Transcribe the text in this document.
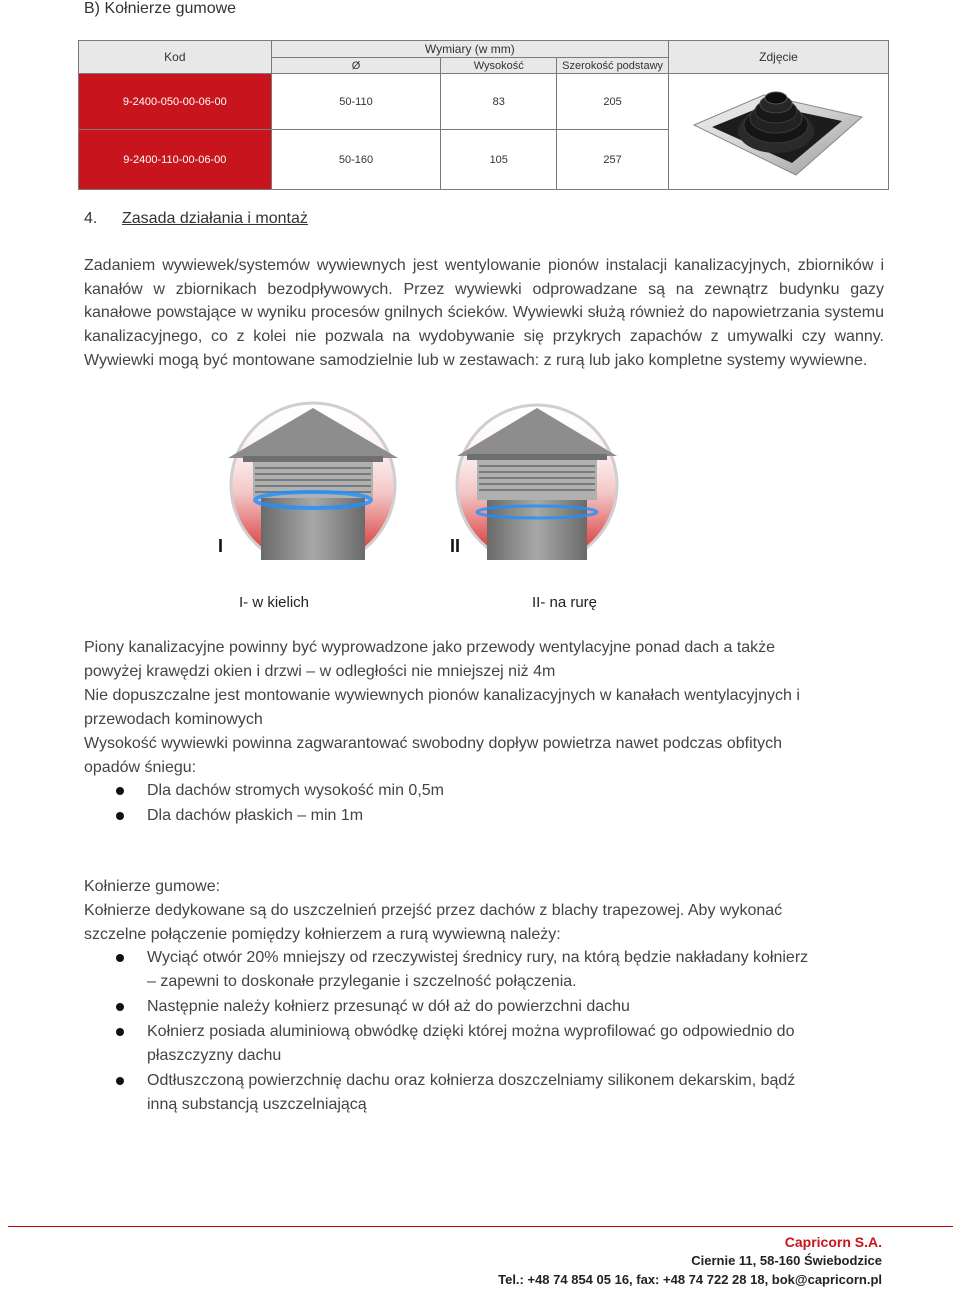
B) Kołnierze gumowe
Kod	Wymiary (w mm)			Zdjęcie
	Ø	Wysokość	Szerokość podstawy	
9-2400-050-00-06-00	50-110	83	205	
9-2400-110-00-06-00	50-160	105	257	
4. Zasada działania i montaż
Zadaniem wywiewek/systemów wywiewnych jest wentylowanie pionów instalacji kanalizacyjnych, zbiorników i kanałów w zbiornikach bezodpływowych. Przez wywiewki odprowadzane są na zewnątrz budynku gazy kanałowe powstające w wyniku procesów gnilnych ścieków. Wywiewki służą również do napowietrzania systemu kanalizacyjnego, co z kolei nie pozwala na wydobywanie się przykrych zapachów z umywalki czy wanny. Wywiewki mogą być montowane samodzielnie lub w zestawach: z rurą lub jako kompletne systemy wywiewne.
I	II
I- w kielich	II- na rurę
Piony kanalizacyjne powinny być wyprowadzone jako przewody wentylacyjne ponad dach a także
powyżej krawędzi okien i drzwi – w odległości nie mniejszej niż 4m
Nie dopuszczalne jest montowanie wywiewnych pionów kanalizacyjnych w kanałach wentylacyjnych i
przewodach kominowych
Wysokość wywiewki powinna zagwarantować swobodny dopływ powietrza nawet podczas obfitych
opadów śniegu:
Dla dachów stromych wysokość min 0,5m
Dla dachów płaskich – min 1m
Kołnierze gumowe:
Kołnierze dedykowane są do uszczelnień przejść przez dachów z blachy trapezowej. Aby wykonać
szczelne połączenie pomiędzy kołnierzem a rurą wywiewną należy:
Wyciąć otwór 20% mniejszy od rzeczywistej średnicy rury, na którą będzie nakładany kołnierz
– zapewni to doskonałe przyleganie i szczelność połączenia.
Następnie należy kołnierz przesunąć w dół aż do powierzchni dachu
Kołnierz posiada aluminiową obwódkę dzięki której można wyprofilować go odpowiednio do
płaszczyzny dachu
Odtłuszczoną powierzchnię dachu oraz kołnierza doszczelniamy silikonem dekarskim, bądź
inną substancją uszczelniającą
Capricorn S.A.
Ciernie 11, 58-160 Świebodzice
Tel.: +48 74 854 05 16, fax: +48 74 722 28 18, bok@capricorn.pl
